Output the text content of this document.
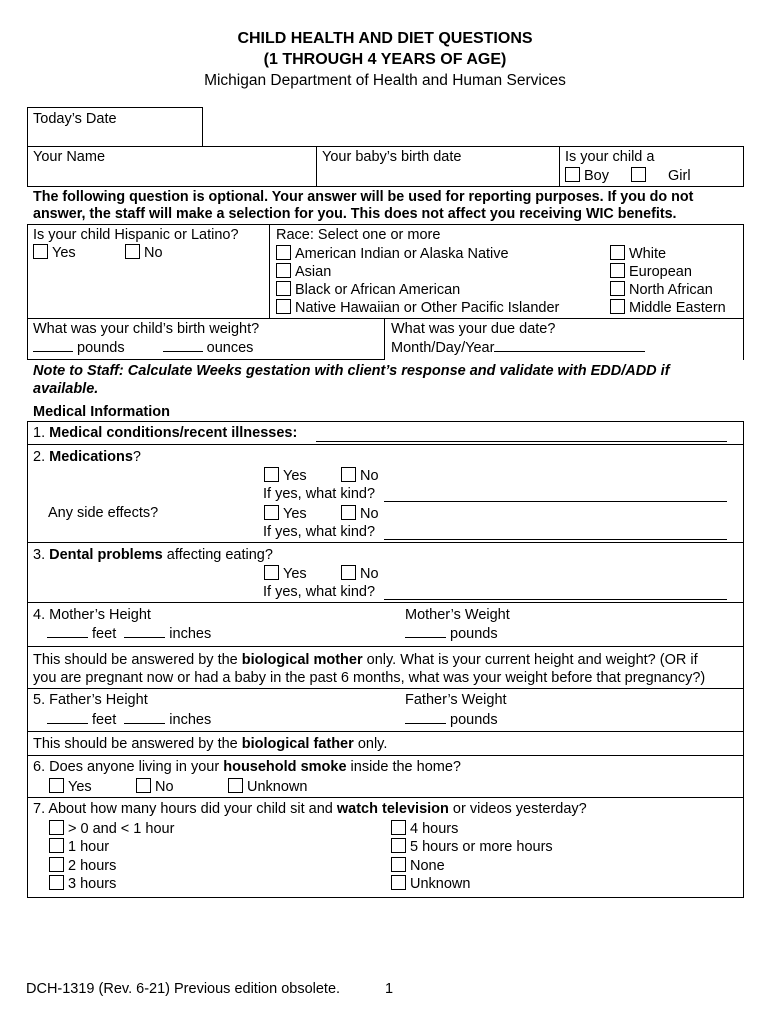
CHILD HEALTH AND DIET QUESTIONS
(1 THROUGH 4 YEARS OF AGE)
Michigan Department of Health and Human Services
Today’s Date
Your Name	Your baby’s birth date	Is your child a
Boy	Girl
The following question is optional. Your answer will be used for reporting purposes. If you do not
answer, the staff will make a selection for you. This does not affect you receiving WIC benefits.
Is your child Hispanic or Latino?
Yes	No
Race: Select one or more
American Indian or Alaska Native
Asian
Black or African American
Native Hawaiian or Other Pacific Islander
White
European
North African
Middle Eastern
What was your child’s birth weight?
pounds	ounces
What was your due date?
Month/Day/Year
Note to Staff: Calculate Weeks gestation with client’s response and validate with EDD/ADD if
available.
Medical Information
1. Medical conditions/recent illnesses:
2. Medications?
Yes	No
If yes, what kind?
Any side effects?	Yes	No
If yes, what kind?
3. Dental problems affecting eating?
Yes	No
If yes, what kind?
4. Mother’s Height	Mother’s Weight
feet	inches	pounds
This should be answered by the biological mother only. What is your current height and weight? (OR if
you are pregnant now or had a baby in the past 6 months, what was your weight before that pregnancy?)
5. Father’s Height	Father’s Weight
feet	inches	pounds
This should be answered by the biological father only.
6. Does anyone living in your household smoke inside the home?
Yes	No	Unknown
7. About how many hours did your child sit and watch television or videos yesterday?
> 0 and < 1 hour
1 hour
2 hours
3 hours
4 hours
5 hours or more hours
None
Unknown
DCH-1319 (Rev. 6-21) Previous edition obsolete.	1
